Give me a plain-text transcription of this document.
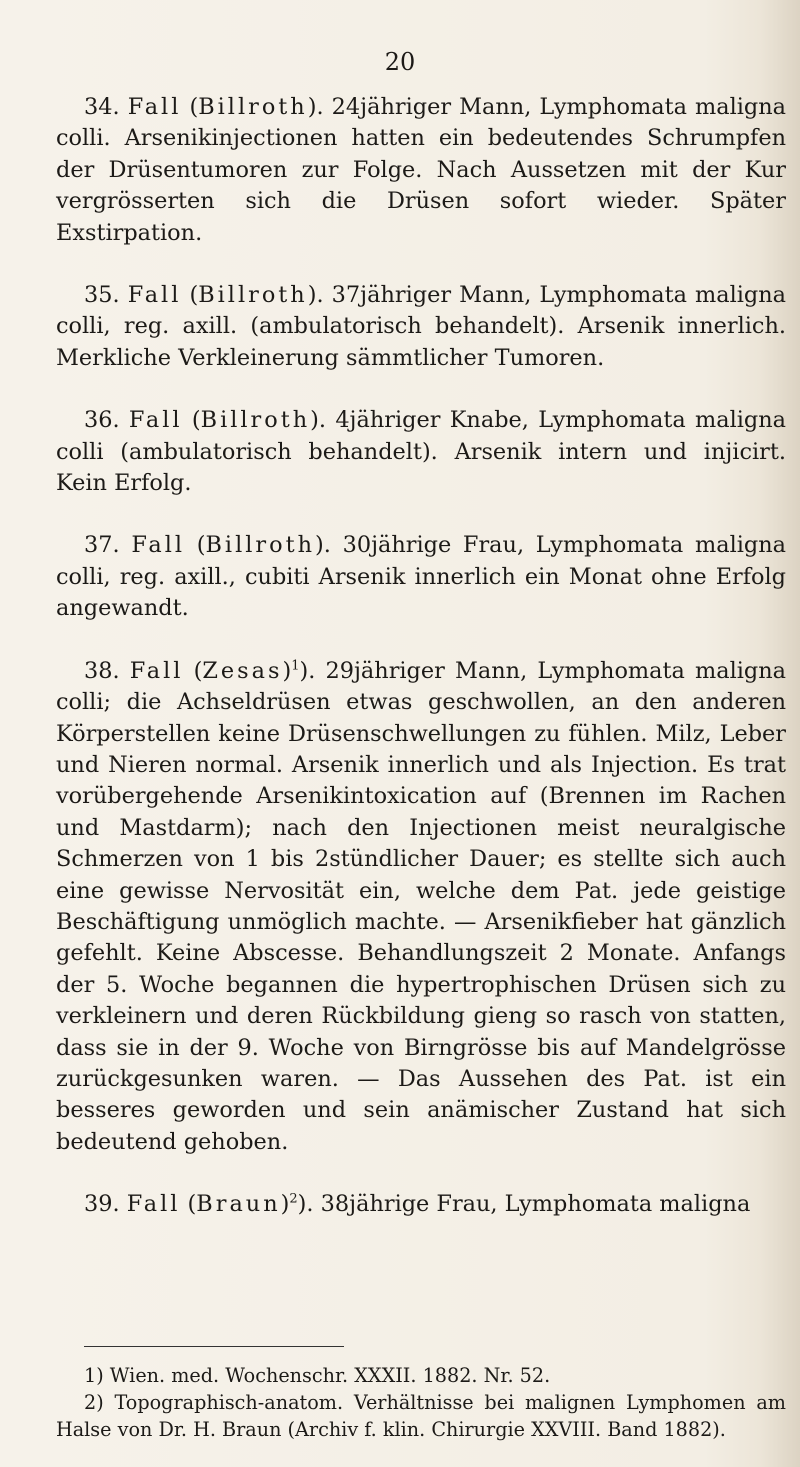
20

34. Fall (Billroth). 24jähriger Mann, Lymphomata maligna colli. Arsenikinjectionen hatten ein bedeutendes Schrumpfen der Drüsentumoren zur Folge. Nach Aussetzen mit der Kur vergrösserten sich die Drüsen sofort wieder. Später Exstirpation.

35. Fall (Billroth). 37jähriger Mann, Lymphomata maligna colli, reg. axill. (ambulatorisch behandelt). Arsenik innerlich. Merkliche Verkleinerung sämmtlicher Tumoren.

36. Fall (Billroth). 4jähriger Knabe, Lymphomata maligna colli (ambulatorisch behandelt). Arsenik intern und injicirt. Kein Erfolg.

37. Fall (Billroth). 30jährige Frau, Lymphomata maligna colli, reg. axill., cubiti Arsenik innerlich ein Monat ohne Erfolg angewandt.

38. Fall (Zesas)$^1$). 29jähriger Mann, Lymphomata maligna colli; die Achseldrüsen etwas geschwollen, an den anderen Körperstellen keine Drüsenschwellungen zu fühlen. Milz, Leber und Nieren normal. Arsenik innerlich und als Injection. Es trat vorübergehende Arsenikintoxication auf (Brennen im Rachen und Mastdarm); nach den Injectionen meist neuralgische Schmerzen von 1 bis 2stündlicher Dauer; es stellte sich auch eine gewisse Nervosität ein, welche dem Pat. jede geistige Beschäftigung unmöglich machte. — Arsenikfieber hat gänzlich gefehlt. Keine Abscesse. Behandlungszeit 2 Monate. Anfangs der 5. Woche begannen die hypertrophischen Drüsen sich zu verkleinern und deren Rückbildung gieng so rasch von statten, dass sie in der 9. Woche von Birngrösse bis auf Mandelgrösse zurückgesunken waren. — Das Aussehen des Pat. ist ein besseres geworden und sein anämischer Zustand hat sich bedeutend gehoben.

39. Fall (Braun)$^2$). 38jährige Frau, Lymphomata maligna

1) Wien. med. Wochenschr. XXXII. 1882. Nr. 52.

2) Topographisch-anatom. Verhältnisse bei malignen Lymphomen am Halse von Dr. H. Braun (Archiv f. klin. Chirurgie XXVIII. Band 1882).
